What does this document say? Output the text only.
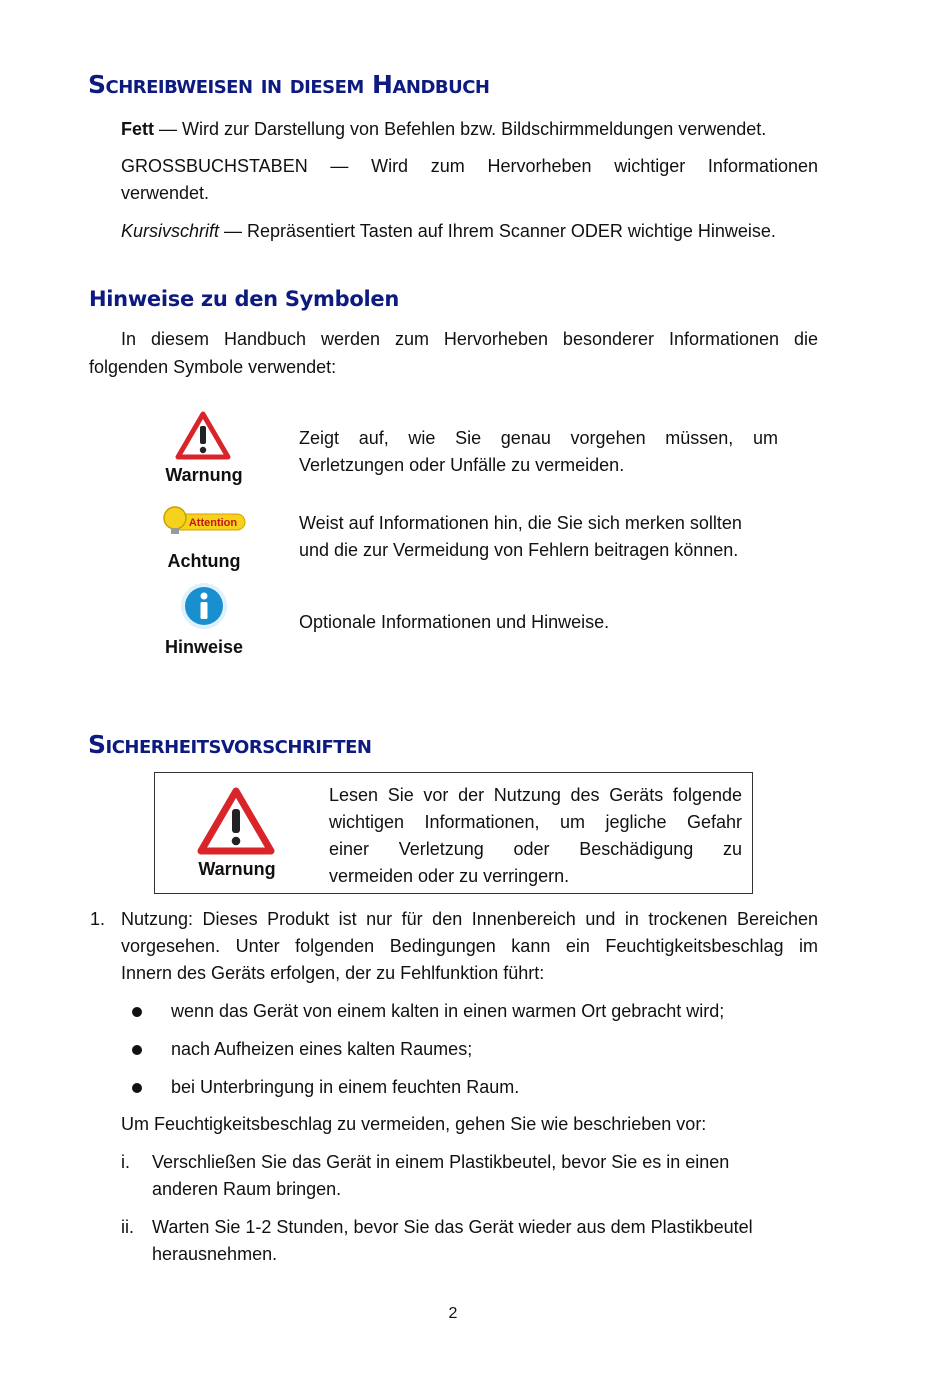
Schreibweisen in diesem Handbuch
Fett — Wird zur Darstellung von Befehlen bzw. Bildschirmmeldungen verwendet.
GROSSBUCHSTABEN — Wird zum Hervorheben wichtiger Informationen
verwendet.
Kursivschrift — Repräsentiert Tasten auf Ihrem Scanner ODER wichtige Hinweise.
Hinweise zu den Symbolen
In diesem Handbuch werden zum Hervorheben besonderer Informationen die
folgenden Symbole verwendet:
Warnung
Zeigt auf, wie Sie genau vorgehen müssen, um
Verletzungen oder Unfälle zu vermeiden.
Attention
Achtung
Weist auf Informationen hin, die Sie sich merken sollten
und die zur Vermeidung von Fehlern beitragen können.
Hinweise
Optionale Informationen und Hinweise.
Sicherheitsvorschriften
Warnung
Lesen Sie vor der Nutzung des Geräts folgende
wichtigen Informationen, um jegliche Gefahr
einer Verletzung oder Beschädigung zu
vermeiden oder zu verringern.
1. Nutzung: Dieses Produkt ist nur für den Innenbereich und in trockenen Bereichen
vorgesehen. Unter folgenden Bedingungen kann ein Feuchtigkeitsbeschlag im
Innern des Geräts erfolgen, der zu Fehlfunktion führt:
wenn das Gerät von einem kalten in einen warmen Ort gebracht wird;
nach Aufheizen eines kalten Raumes;
bei Unterbringung in einem feuchten Raum.
Um Feuchtigkeitsbeschlag zu vermeiden, gehen Sie wie beschrieben vor:
i. Verschließen Sie das Gerät in einem Plastikbeutel, bevor Sie es in einen
anderen Raum bringen.
ii. Warten Sie 1-2 Stunden, bevor Sie das Gerät wieder aus dem Plastikbeutel
herausnehmen.
2
